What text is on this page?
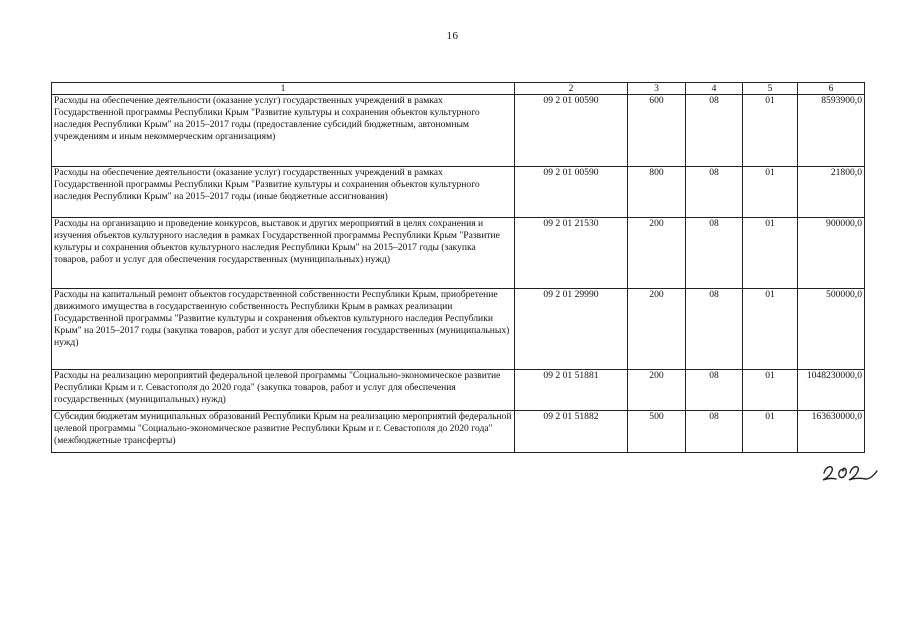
16
1	2	3	4	5	6
Расходы на обеспечение деятельности (оказание услуг) государственных учреждений в рамках Государственной программы Республики Крым "Развитие культуры и сохранения объектов культурного наследия Республики Крым" на 2015–2017 годы (предоставление субсидий бюджетным, автономным учреждениям и иным некоммерческим организациям)	09 2 01 00590	600	08	01	8593900,0
Расходы на обеспечение деятельности (оказание услуг) государственных учреждений в рамках Государственной программы Республики Крым "Развитие культуры и сохранения объектов культурного наследия Республики Крым" на 2015–2017 годы (иные бюджетные ассигнования)	09 2 01 00590	800	08	01	21800,0
Расходы на организацию и проведение конкурсов, выставок и других мероприятий в целях сохранения и изучения объектов культурного наследия в рамках Государственной программы Республики Крым "Развитие культуры и сохранения объектов культурного наследия Республики Крым" на 2015–2017 годы (закупка товаров, работ и услуг для обеспечения государственных (муниципальных) нужд)	09 2 01 21530	200	08	01	900000,0
Расходы на капитальный ремонт объектов государственной собственности Республики Крым, приобретение движимого имущества в государственную собственность Республики Крым в рамках реализации Государственной программы "Развитие культуры и сохранения объектов культурного наследия Республики Крым" на 2015–2017 годы (закупка товаров, работ и услуг для обеспечения государственных (муниципальных) нужд)	09 2 01 29990	200	08	01	500000,0
Расходы на реализацию мероприятий федеральной целевой программы "Социально-экономическое развитие Республики Крым и г. Севастополя до 2020 года" (закупка товаров, работ и услуг для обеспечения государственных (муниципальных) нужд)	09 2 01 51881	200	08	01	1048230000,0
Субсидия бюджетам муниципальных образований Республики Крым на реализацию мероприятий федеральной целевой программы "Социально-экономическое развитие Республики Крым и г. Севастополя до 2020 года" (межбюджетные трансферты)	09 2 01 51882	500	08	01	163630000,0
